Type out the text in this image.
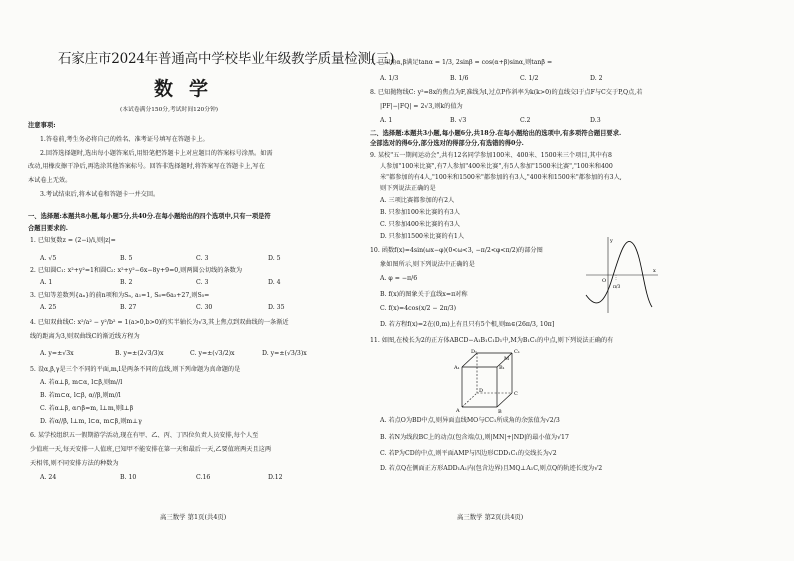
石家庄市2024年普通高中学校毕业年级教学质量检测(三)
数学
(本试卷满分150分,考试时间120分钟)
注意事项:
1.答卷前,考生务必将自己的姓名、准考证号填写在答题卡上。
2.回答选择题时,选出每小题答案后,用铅笔把答题卡上对应题目的答案标号涂黑。如需
改动,用橡皮擦干净后,再选涂其他答案标号。回答非选择题时,将答案写在答题卡上,写在
本试卷上无效。
3.考试结束后,将本试卷和答题卡一并交回。
一、选择题:本题共8小题,每小题5分,共40分.在每小题给出的四个选项中,只有一项是符
合题目要求的.
1. 已知复数z = (2−i)/i,则|z|=
A. √5	B. 5	C. 3	D. 5
2. 已知圆C₁: x²+y²=1和圆C₂: x²+y²−6x−8y+9=0,则两圆公切线的条数为
A. 1	B. 2	C. 3	D. 4
3. 已知等差数列{aₙ}的前n项和为Sₙ, a₁=1, S₆=6a₃+27,则S₅=
A. 25	B. 27	C. 30	D. 35
4. 已知双曲线C: x²/a² − y²/b² = 1(a>0,b>0)的实半轴长为√3,其上焦点到双曲线的一条渐近
线的距离为3,则双曲线C的渐近线方程为
A. y=±√3x	B. y=±(2√3/3)x	C. y=±(√3/2)x	D. y=±(√3/3)x
5. 设α,β,γ是三个不同的平面,m,l是两条不同的直线,则下列命题为真命题的是
A. 若α⊥β, m⊂α, l⊂β,则m//l
B. 若m⊂α, l⊂β, α//β,则m//l
C. 若α⊥β, α∩β=m, l⊥m,则l⊥β
D. 若α//β, l⊥m, l⊂α, m⊂β,则m⊥γ
6. 某学校组织五一假期游学活动,现在有甲、乙、丙、丁四位负责人员安排,每个人至
少值班一天,每天安排一人值班,已知甲不能安排在第一天和最后一天,乙要值班两天且这两
天相邻,则不同安排方法的种数为
A. 24	B. 10	C.16	D.12
高三数学 第1页(共4页)
7. 已知角α,β满足tanα = 1/3, 2sinβ = cos(α+β)sinα,则tanβ =
A. 1/3	B. 1/6	C. 1/2	D. 2
8. 已知抛物线C: y²=8x的焦点为F,准线为l,过点P作斜率为k(k>0)的直线交l于点F与C交于P,Q点,若
|PF|−|FQ| = 2√3,则k的值为
A. 1	B. √3	C.2	D.3
二、选择题:本题共3小题,每小题6分,共18分.在每小题给出的选项中,有多项符合题目要求.
全部选对的得6分,部分选对的得部分分,有选错的得0分.
9. 某校"五一期间运动会",共有12名同学参加100米、400米、1500米三个项目,其中有8
人参加"100米比赛",有7人参加"400米比赛",有5人参加"1500米比赛","100米和400
米"都参加的有4人,"100米和1500米"都参加的有3人,"400米和1500米"都参加的有3人,
则下列说法正确的是
A. 三项比赛都参加的有2人
B. 只参加100米比赛的有3人
C. 只参加400米比赛的有3人
D. 只参加1500米比赛的有1人
10. 函数f(x)=4sin(ωx−φ)(0<ω<3, −π/2<φ<π/2)的部分图
象如图所示,则下列说法中正确的是
A. φ = −π/6
B. f(x)的图象关于直线x=π对称
C. f(x)=4cos(x/2 − 2π/3)
D. 若方程f(x)=2在(0,m)上有且只有5个根,则m∈(26π/3, 10π]
O
x
y
π/3
11. 如图,在棱长为2的正方体ABCD−A₁B₁C₁D₁中,M为B₁C₁的中点,则下列说法正确的有
D₁	C₁
A₁	B₁
M
D	C
A	B
A. 若点O为BD中点,则异面直线MO与CC₁所成角的余弦值为√2/3
B. 若N为线段BC上的动点(包含端点),则|MN|+|ND|的最小值为√17
C. 若P为CD的中点,则平面AMP与四边形CDD₁C₁的交线长为√2
D. 若点Q在侧面正方形ADD₁A₁内(包含边界)且MQ⊥A₁C,则点Q的轨迹长度为√2
高三数学 第2页(共4页)
